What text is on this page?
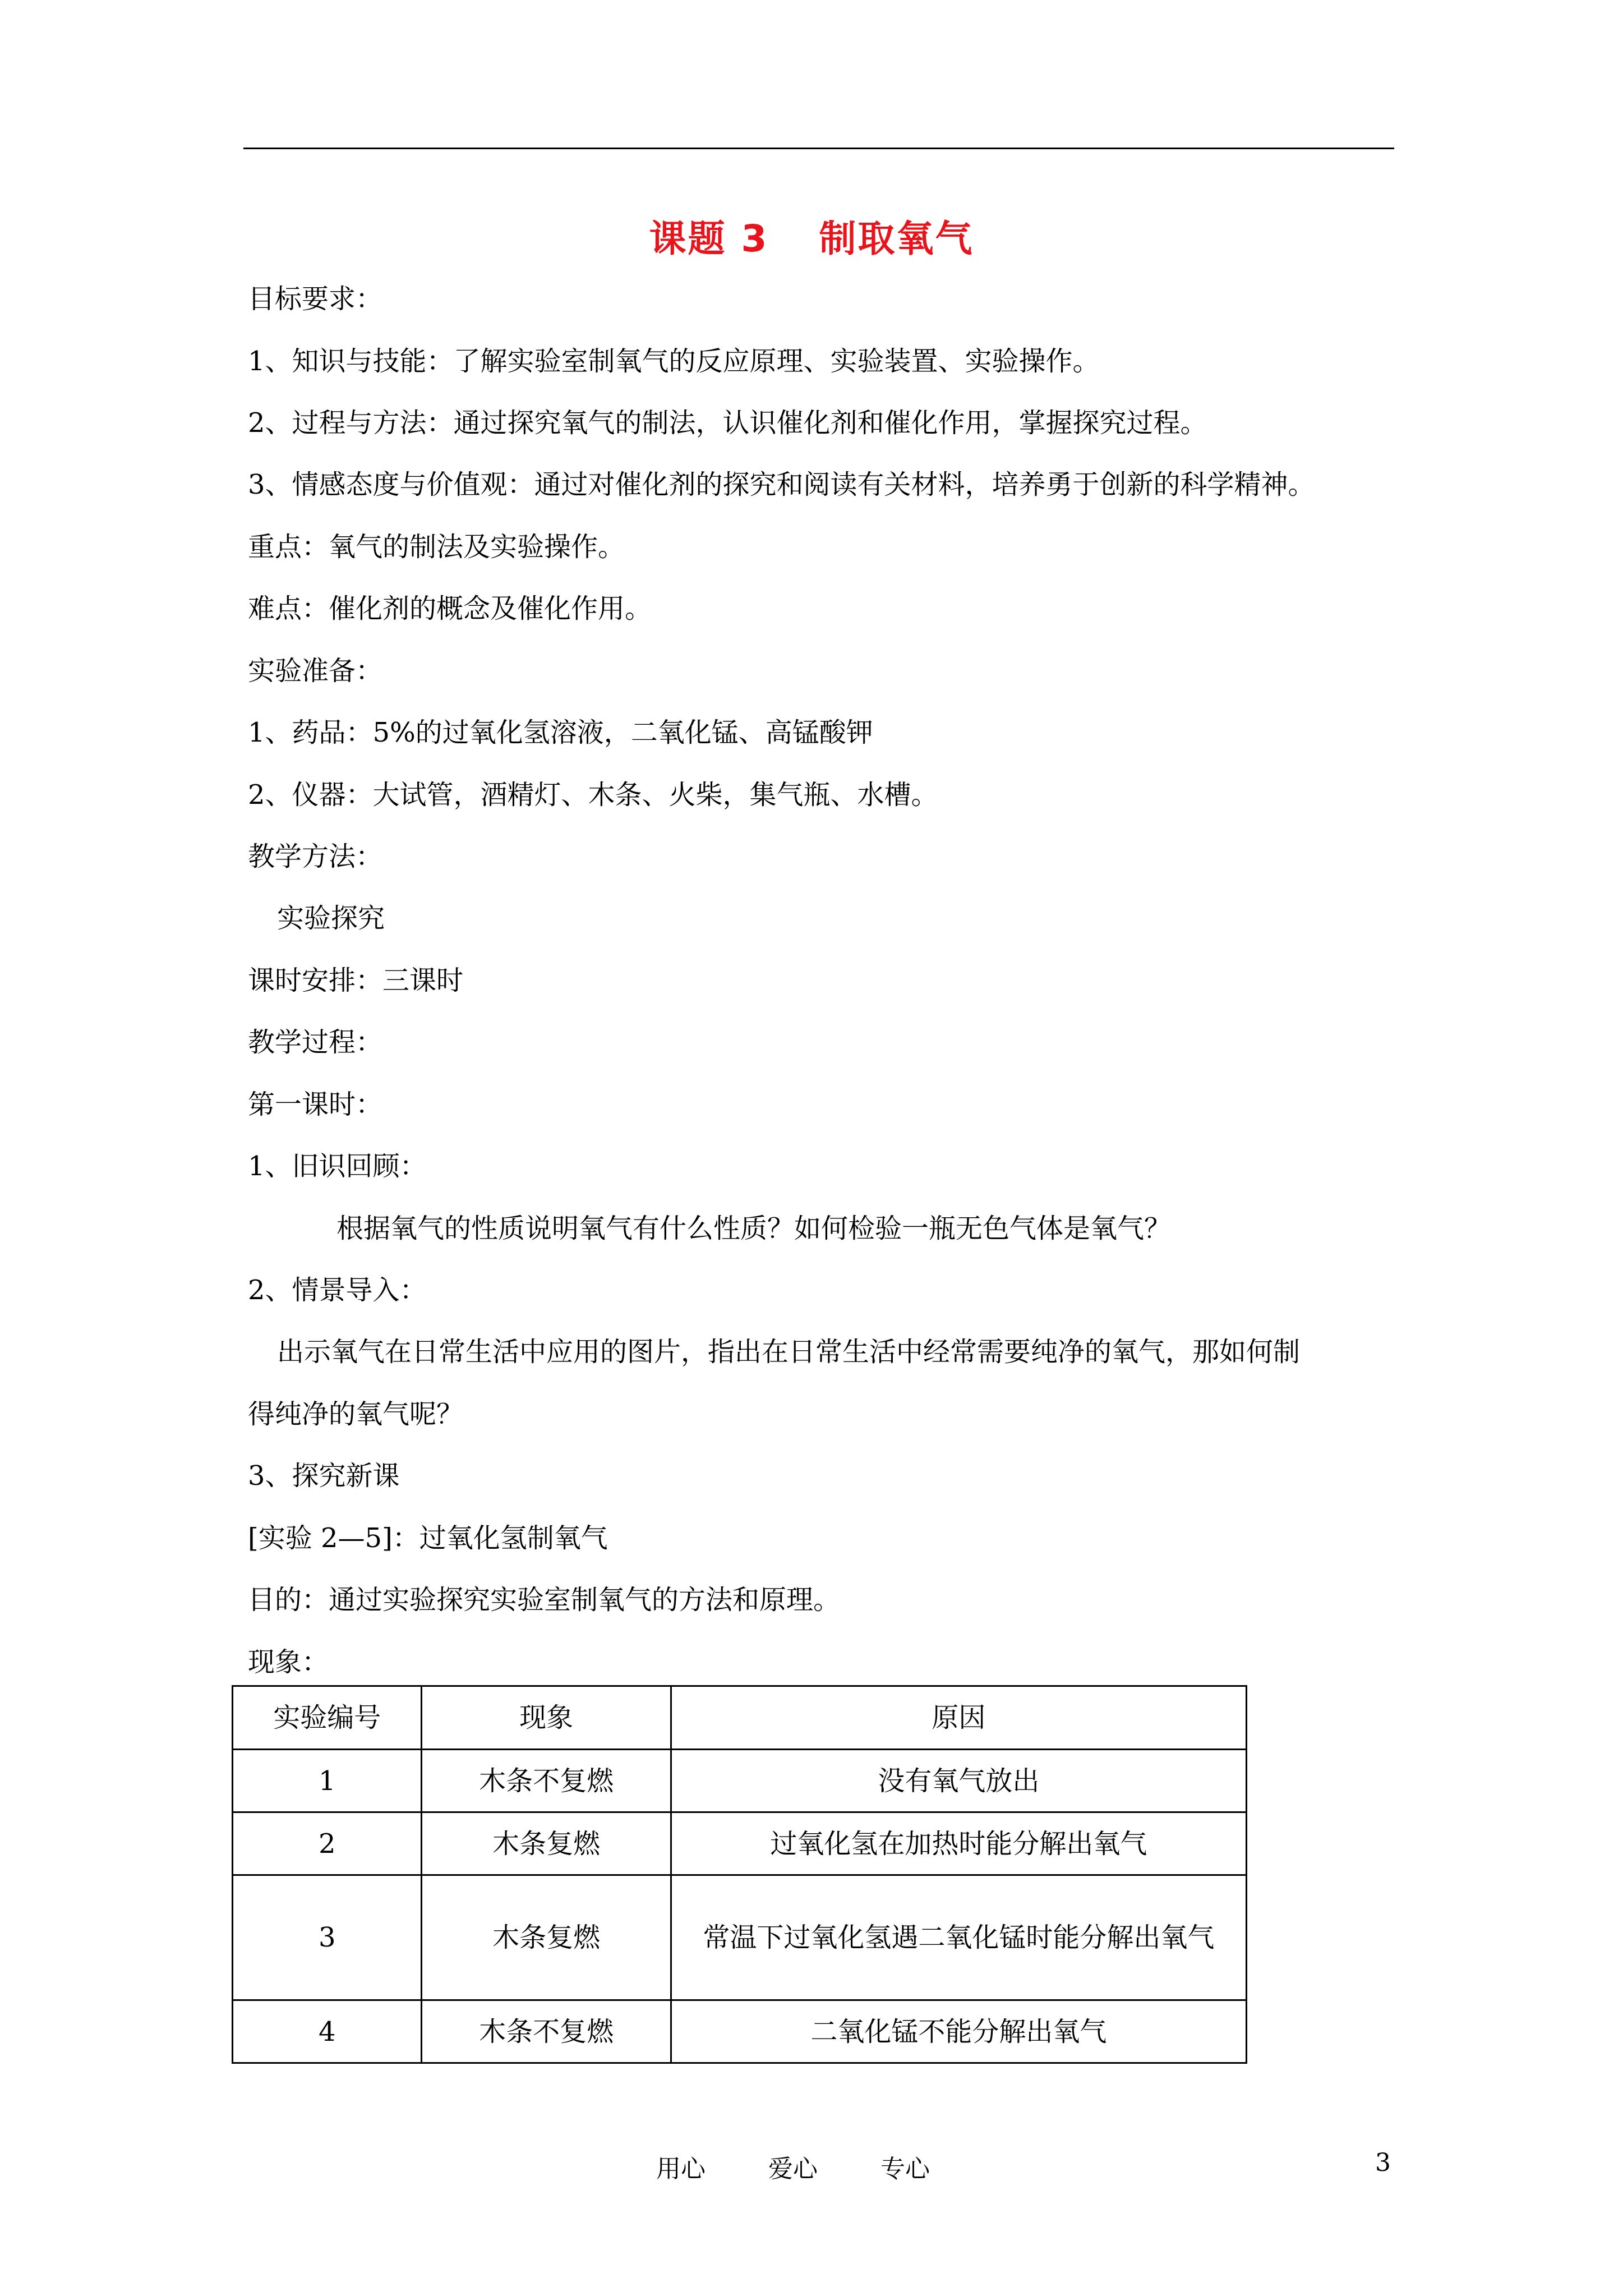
课题 3 制取氧气
目标要求：
1、知识与技能：了解实验室制氧气的反应原理、实验装置、实验操作。
2、过程与方法：通过探究氧气的制法，认识催化剂和催化作用，掌握探究过程。
3、情感态度与价值观：通过对催化剂的探究和阅读有关材料，培养勇于创新的科学精神。
重点：氧气的制法及实验操作。
难点：催化剂的概念及催化作用。
实验准备：
1、药品：5%的过氧化氢溶液，二氧化锰、高锰酸钾
2、仪器：大试管，酒精灯、木条、火柴，集气瓶、水槽。
教学方法：
实验探究
课时安排：三课时
教学过程：
第一课时：
1、旧识回顾：
根据氧气的性质说明氧气有什么性质？如何检验一瓶无色气体是氧气？
2、情景导入：
出示氧气在日常生活中应用的图片，指出在日常生活中经常需要纯净的氧气，那如何制
得纯净的氧气呢？
3、探究新课
[实验 2—5]：过氧化氢制氧气
目的：通过实验探究实验室制氧气的方法和原理。
现象：
实验编号	现象	原因
1	木条不复燃	没有氧气放出
2	木条复燃	过氧化氢在加热时能分解出氧气
3	木条复燃	常温下过氧化氢遇二氧化锰时能分解出氧气
4	木条不复燃	二氧化锰不能分解出氧气
用心	爱心	专心	3
